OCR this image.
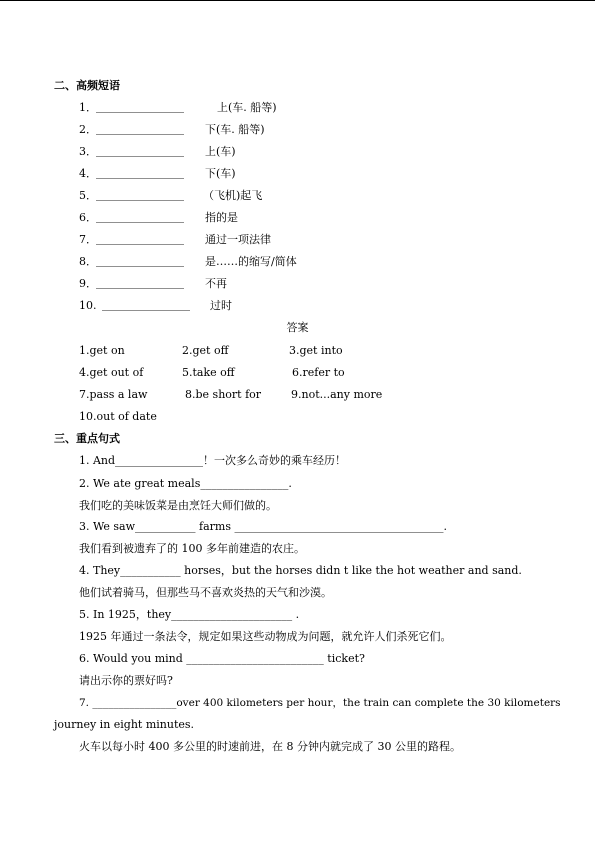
二、高频短语
1． ________________	上(车. 船等)
2． ________________ 下(车. 船等)
3． ________________ 上(车)
4． ________________ 下(车)
5． ________________ （飞机)起飞
6． ________________ 指的是
7． ________________ 通过一项法律
8． ________________ 是……的缩写/简体
9． ________________ 不再
10. ________________ 过时
答案
1.get on	2.get off	3.get into
4.get out of	5.take off	6.refer to
7.pass a law	8.be short for	9.not...any more
10.out of date
三、重点句式
1. And________________！一次多么奇妙的乘车经历！
2. We ate great meals________________.
我们吃的美味饭菜是由烹饪大师们做的。
3. We saw___________ farms ______________________________________.
我们看到被遗弃了的 100 多年前建造的农庄。
4. They___________ horses，but the horses didn t like the hot weather and sand.
他们试着骑马，但那些马不喜欢炎热的天气和沙漠。
5. In 1925，they______________________ .
1925 年通过一条法令，规定如果这些动物成为问题，就允许人们杀死它们。
6. Would you mind _________________________ ticket?
请出示你的票好吗?
7. ________________over 400 kilometers per hour，the train can complete the 30 kilometers
journey in eight minutes.
火车以每小时 400 多公里的时速前进，在 8 分钟内就完成了 30 公里的路程。
